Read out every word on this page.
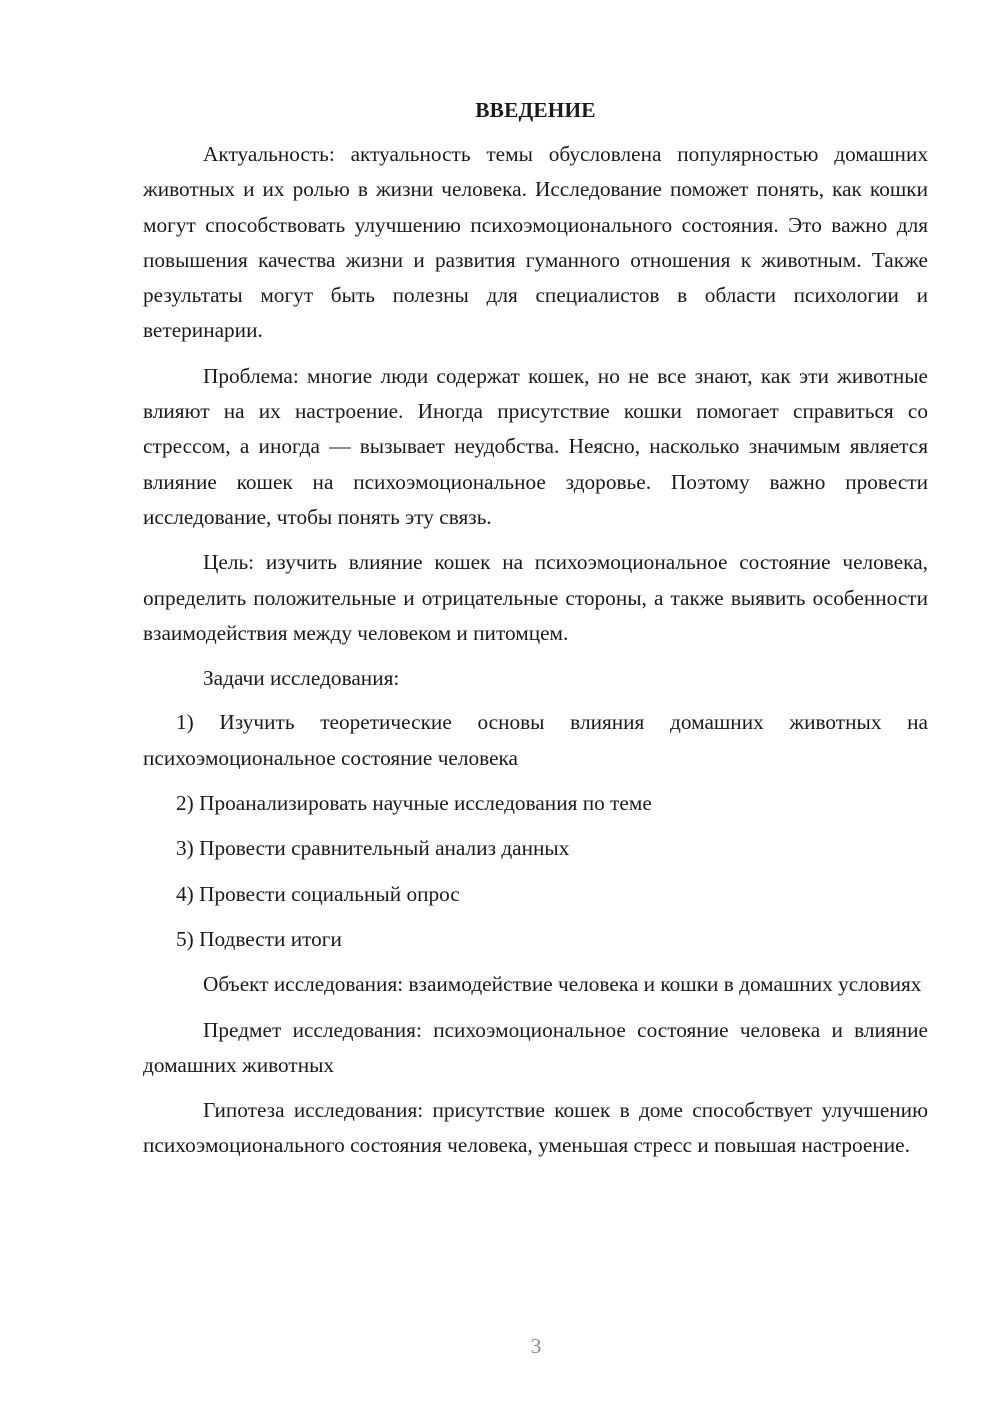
ВВЕДЕНИЕ

Актуальность: актуальность темы обусловлена популярностью домашних животных и их ролью в жизни человека. Исследование поможет понять, как кошки могут способствовать улучшению психоэмоционального состояния. Это важно для повышения качества жизни и развития гуманного отношения к животным. Также результаты могут быть полезны для специалистов в области психологии и ветеринарии.

Проблема: многие люди содержат кошек, но не все знают, как эти животные влияют на их настроение. Иногда присутствие кошки помогает справиться со стрессом, а иногда — вызывает неудобства. Неясно, насколько значимым является влияние кошек на психоэмоциональное здоровье. Поэтому важно провести исследование, чтобы понять эту связь.

Цель: изучить влияние кошек на психоэмоциональное состояние человека, определить положительные и отрицательные стороны, а также выявить особенности взаимодействия между человеком и питомцем.

Задачи исследования:

1) Изучить теоретические основы влияния домашних животных на психоэмоциональное состояние человека

2) Проанализировать научные исследования по теме

3) Провести сравнительный анализ данных

4) Провести социальный опрос

5) Подвести итоги

Объект исследования: взаимодействие человека и кошки в домашних условиях

Предмет исследования: психоэмоциональное состояние человека и влияние домашних животных

Гипотеза исследования: присутствие кошек в доме способствует улучшению психоэмоционального состояния человека, уменьшая стресс и повышая настроение.

3
